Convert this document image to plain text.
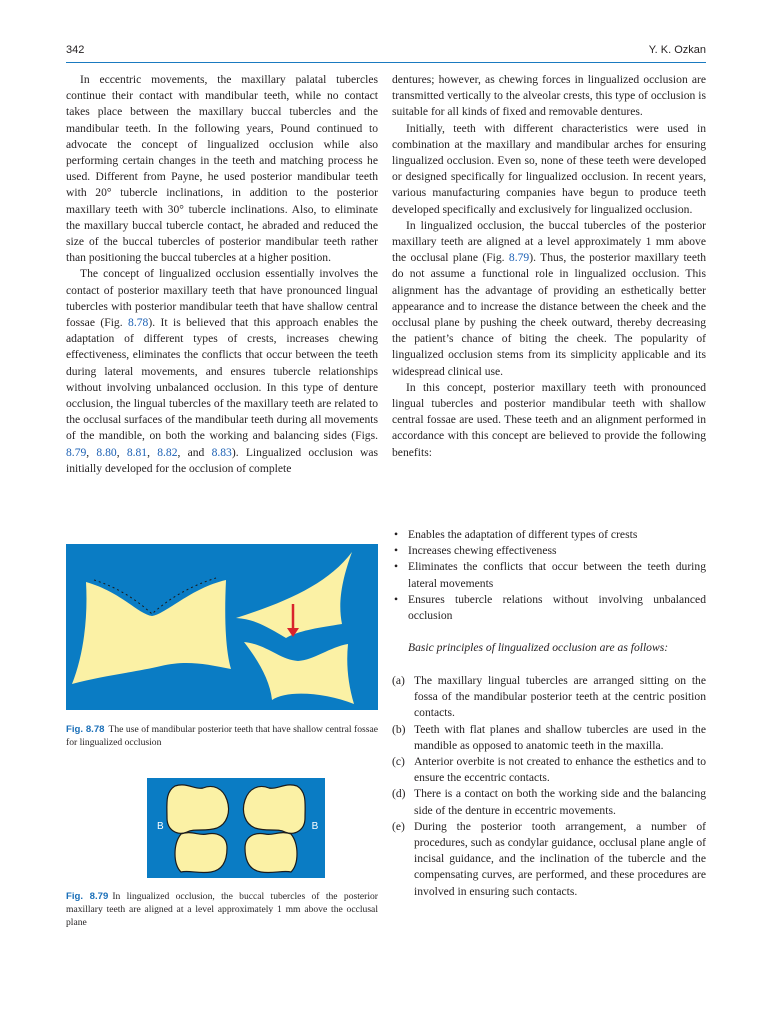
342	Y. K. Ozkan

In eccentric movements, the maxillary palatal tubercles continue their contact with mandibular teeth, while no contact takes place between the maxillary buccal tubercles and the mandibular teeth. In the following years, Pound continued to advocate the concept of lingualized occlusion while also performing certain changes in the teeth and matching process he used. Different from Payne, he used posterior mandibular teeth with 20° tubercle inclinations, in addition to the posterior maxillary teeth with 30° tubercle inclinations. Also, to eliminate the maxillary buccal tubercle contact, he abraded and reduced the size of the buccal tubercles of posterior mandibular teeth rather than positioning the buccal tubercles at a higher position.

The concept of lingualized occlusion essentially involves the contact of posterior maxillary teeth that have pronounced lingual tubercles with posterior mandibular teeth that have shallow central fossae (Fig. 8.78). It is believed that this approach enables the adaptation of different types of crests, increases chewing effectiveness, eliminates the conflicts that occur between the teeth during lateral movements, and ensures tubercle relationships without involving unbalanced occlusion. In this type of denture occlusion, the lingual tubercles of the maxillary teeth are related to the occlusal surfaces of the mandibular teeth during all movements of the mandible, on both the working and balancing sides (Figs. 8.79, 8.80, 8.81, 8.82, and 8.83). Lingualized occlusion was initially developed for the occlusion of complete

dentures; however, as chewing forces in lingualized occlusion are transmitted vertically to the alveolar crests, this type of occlusion is suitable for all kinds of fixed and removable dentures.

Initially, teeth with different characteristics were used in combination at the maxillary and mandibular arches for ensuring lingualized occlusion. Even so, none of these teeth were developed or designed specifically for lingualized occlusion. In recent years, various manufacturing companies have begun to produce teeth developed specifically and exclusively for lingualized occlusion.

In lingualized occlusion, the buccal tubercles of the posterior maxillary teeth are aligned at a level approximately 1 mm above the occlusal plane (Fig. 8.79). Thus, the posterior maxillary teeth do not assume a functional role in lingualized occlusion. This alignment has the advantage of providing an esthetically better appearance and to increase the distance between the cheek and the occlusal plane by pushing the cheek outward, thereby decreasing the patient’s chance of biting the cheek. The popularity of lingualized occlusion stems from its simplicity applicable and its widespread clinical use.

In this concept, posterior maxillary teeth with pronounced lingual tubercles and posterior mandibular teeth with shallow central fossae are used. These teeth and an alignment performed in accordance with this concept are believed to provide the following benefits:

• Enables the adaptation of different types of crests
• Increases chewing effectiveness
• Eliminates the conflicts that occur between the teeth during lateral movements
• Ensures tubercle relations without involving unbalanced occlusion
Basic principles of lingualized occlusion are as follows:
(a) The maxillary lingual tubercles are arranged sitting on the fossa of the mandibular posterior teeth at the centric position contacts.
(b) Teeth with flat planes and shallow tubercles are used in the mandible as opposed to anatomic teeth in the maxilla.
(c) Anterior overbite is not created to enhance the esthetics and to ensure the eccentric contacts.
(d) There is a contact on both the working side and the balancing side of the denture in eccentric movements.
(e) During the posterior tooth arrangement, a number of procedures, such as condylar guidance, occlusal plane angle of incisal guidance, and the inclination of the tubercle and the compensating curves, are performed, and these procedures are involved in ensuring such contacts.
Fig. 8.78 The use of mandibular posterior teeth that have shallow central fossae for lingualized occlusion
B	B
Fig. 8.79 In lingualized occlusion, the buccal tubercles of the posterior maxillary teeth are aligned at a level approximately 1 mm above the occlusal plane
